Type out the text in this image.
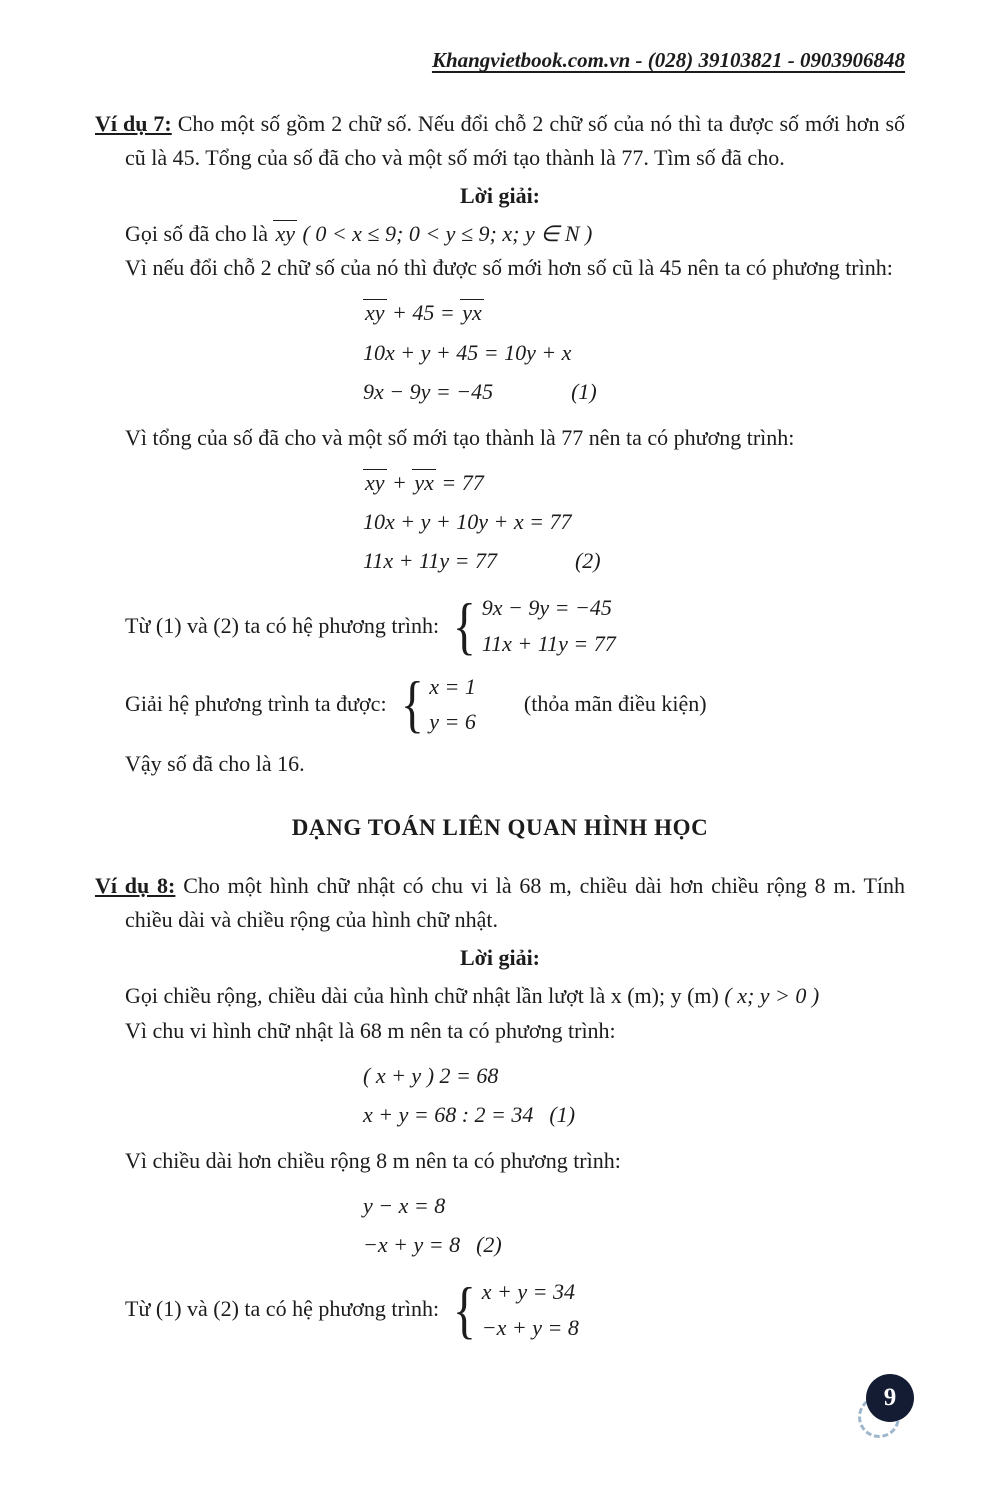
Khangvietbook.com.vn - (028) 39103821 - 0903906848

Ví dụ 7: Cho một số gồm 2 chữ số. Nếu đổi chỗ 2 chữ số của nó thì ta được số mới hơn số cũ là 45. Tổng của số đã cho và một số mới tạo thành là 77. Tìm số đã cho.

Lời giải:

Gọi số đã cho là xy ( 0 < x ≤ 9; 0 < y ≤ 9; x; y ∈ N )

Vì nếu đổi chỗ 2 chữ số của nó thì được số mới hơn số cũ là 45 nên ta có phương trình:

xy + 45 = yx
10x + y + 45 = 10y + x
9x − 9y = −45	(1)

Vì tổng của số đã cho và một số mới tạo thành là 77 nên ta có phương trình:

xy + yx = 77
10x + y + 10y + x = 77
11x + 11y = 77	(2)
Từ (1) và (2) ta có hệ phương trình: { 9x − 9y = −45
11x + 11y = 77
Giải hệ phương trình ta được: { x = 1
y = 6
(thỏa mãn điều kiện)

Vậy số đã cho là 16.

DẠNG TOÁN LIÊN QUAN HÌNH HỌC

Ví dụ 8: Cho một hình chữ nhật có chu vi là 68 m, chiều dài hơn chiều rộng 8 m. Tính chiều dài và chiều rộng của hình chữ nhật.

Lời giải:

Gọi chiều rộng, chiều dài của hình chữ nhật lần lượt là x (m); y (m) ( x; y > 0 )

Vì chu vi hình chữ nhật là 68 m nên ta có phương trình:

( x + y ) 2 = 68
x + y = 68 : 2 = 34 (1)

Vì chiều dài hơn chiều rộng 8 m nên ta có phương trình:

y − x = 8
−x + y = 8 (2)
Từ (1) và (2) ta có hệ phương trình: { x + y = 34
−x + y = 8
9
